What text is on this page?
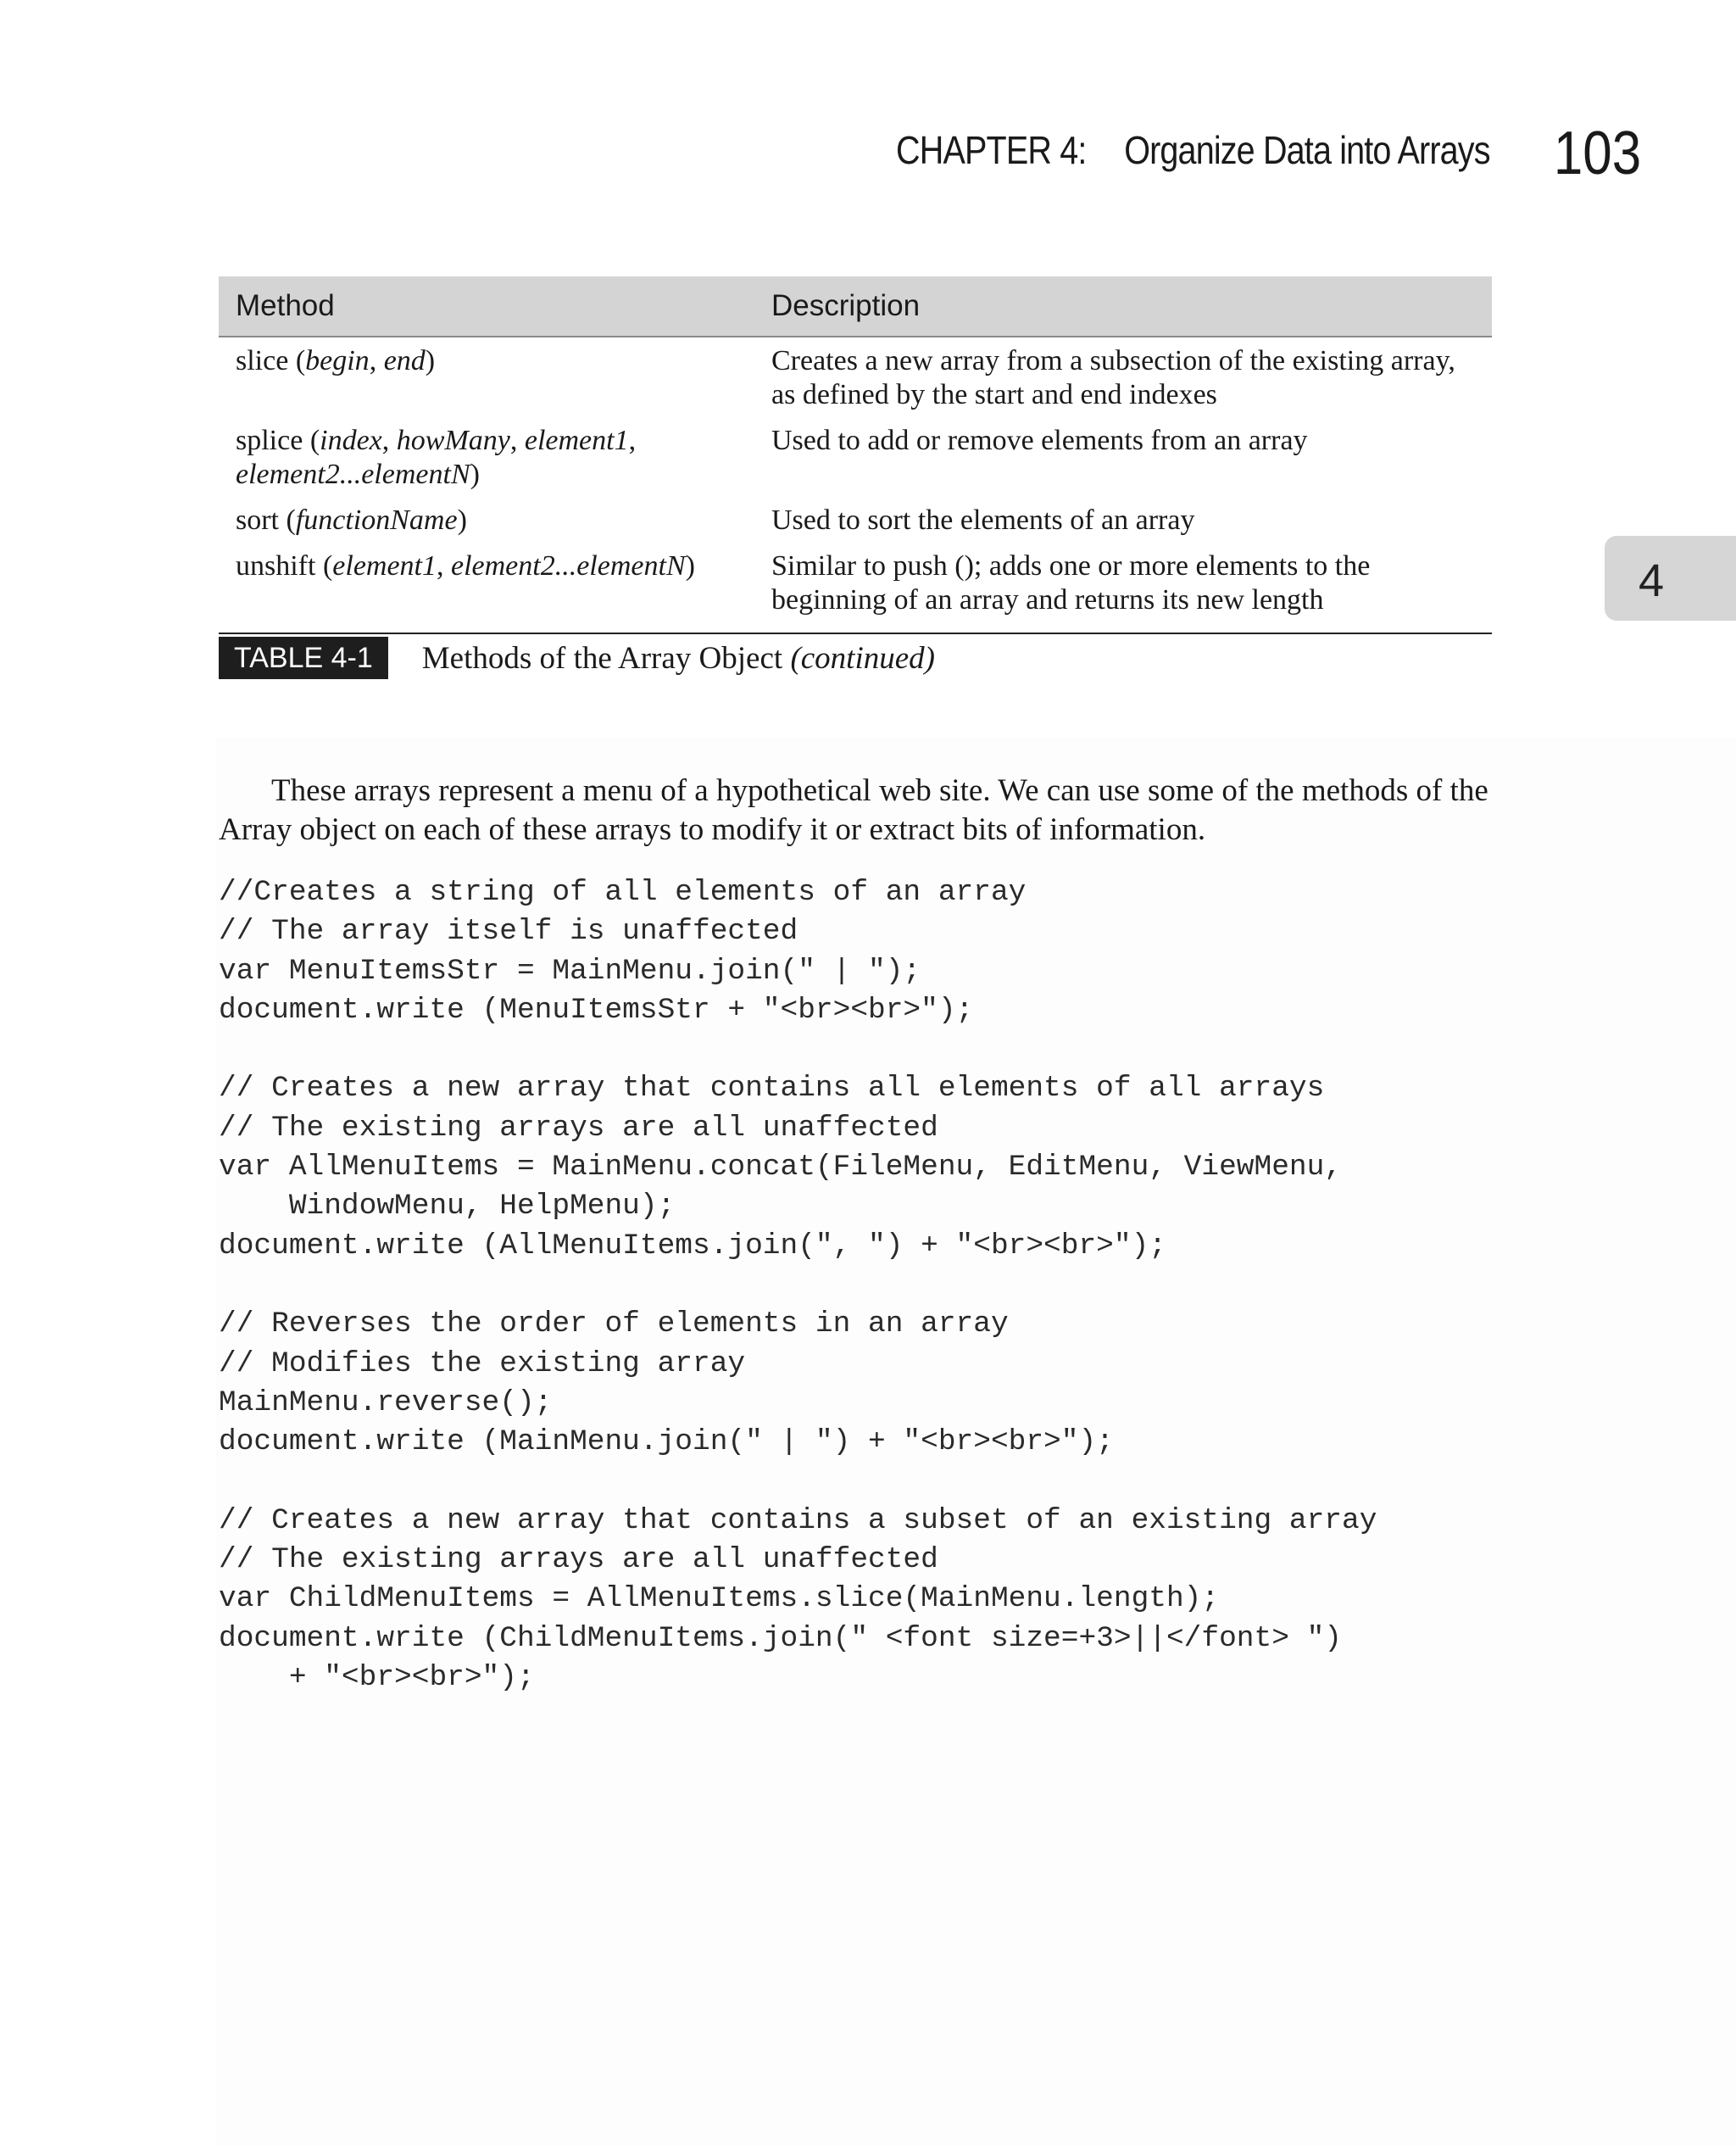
CHAPTER 4: Organize Data into Arrays 103
4
Method	Description
slice (begin, end)	Creates a new array from a subsection of the existing array, as defined by the start and end indexes
splice (index, howMany, element1, element2...elementN)	Used to add or remove elements from an array
sort (functionName)	Used to sort the elements of an array
unshift (element1, element2...elementN)	Similar to push (); adds one or more elements to the beginning of an array and returns its new length
TABLE 4-1	Methods of the Array Object (continued)

These arrays represent a menu of a hypothetical web site. We can use some of the methods of the Array object on each of these arrays to modify it or extract bits of information.

//Creates a string of all elements of an array
// The array itself is unaffected
var MenuItemsStr = MainMenu.join(" | ");
document.write (MenuItemsStr + "<br><br>");
// Creates a new array that contains all elements of all arrays
// The existing arrays are all unaffected
var AllMenuItems = MainMenu.concat(FileMenu, EditMenu, ViewMenu,
WindowMenu, HelpMenu);
document.write (AllMenuItems.join(", ") + "<br><br>");
// Reverses the order of elements in an array
// Modifies the existing array
MainMenu.reverse();
document.write (MainMenu.join(" | ") + "<br><br>");
// Creates a new array that contains a subset of an existing array
// The existing arrays are all unaffected
var ChildMenuItems = AllMenuItems.slice(MainMenu.length);
document.write (ChildMenuItems.join(" <font size=+3>||</font> ")
+ "<br><br>");
